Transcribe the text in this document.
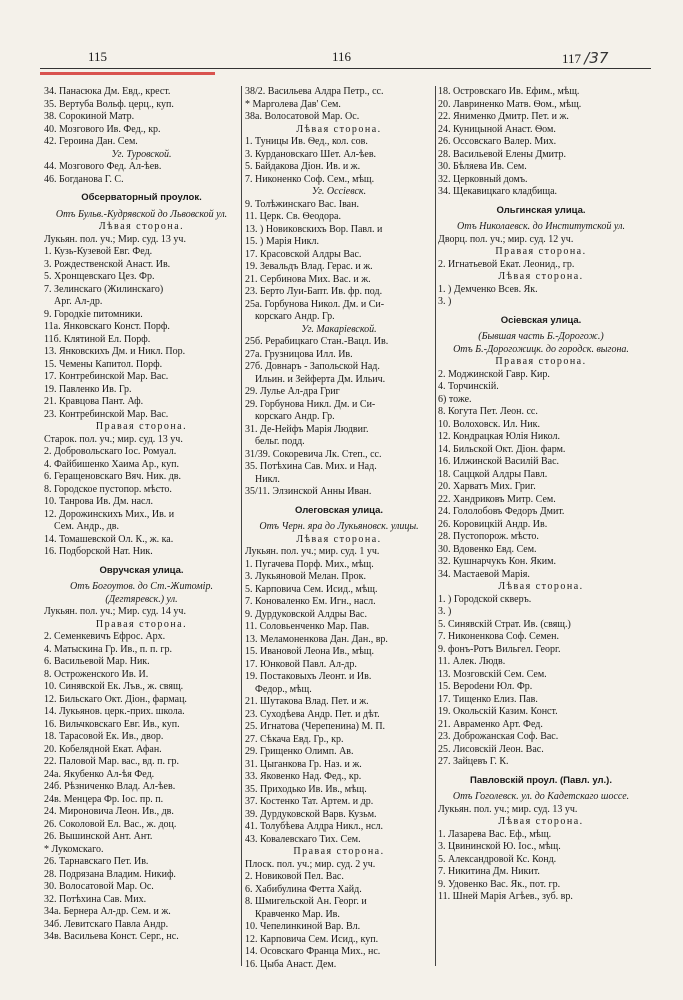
115	116	117 /37
34. Панасюка Дм. Евд., крест.
35. Вертуба Вольф. церц., куп.
38. Сорокиной Матр.
40. Мозгового Ив. Фед., кр.
42. Героина Дан. Сем.
Уг. Туровской.
44. Мозгового Фед. Ал-ѣев.
46. Богданова Г. С.
Обсерваторный проулок.
Отъ Бульв.-Кудрявской до Львовской ул.
Лѣвая сторона.
Лукьян. пол. уч.; Мир. суд. 13 уч.
1. Кузь-Кузевой Евг. Фед.
3. Рождественской Анаст. Ив.
5. Хронщевскаго Цез. Фр.
7. Зелинскаго (Жилинскаго)
Арг. Ал-др.
9. Городкіе питомники.
11а. Янковскаго Конст. Порф.
11б. Клятиной Ел. Порф.
13. Янковскихъ Дм. и Никл. Пор.
15. Чемены Капитол. Порф.
17. Контребинской Мар. Вас.
19. Павленко Ив. Гр.
21. Кравцова Пант. Аф.
23. Контребинской Мар. Вас.
Правая сторона.
Старок. пол. уч.; мир. суд. 13 уч.
2. Добровольскаго Іос. Ромуал.
4. Файбишенко Хаима Ар., куп.
6. Геращеновскаго Вяч. Ник. дв.
8. Городское пустопор. мѣсто.
10. Танрова Ив. Дм. насл.
12. Дорожинскихъ Мих., Ив. и
Сем. Андр., дв.
14. Томашевской Ол. К., ж. ка.
16. Подборской Нат. Ник.
Овручская улица.
Отъ Богоутов. до Ст.-Житомір. (Дегтяревск.) ул.
Лукьян. пол. уч.; Мир. суд. 14 уч.
Правая сторона.
2. Семенкевичъ Ефрос. Арх.
4. Матыскина Гр. Ив., п. п. гр.
6. Васильевой Мар. Ник.
8. Остроженского Ив. И.
10. Синявской Ек. Лъв., ж. свящ.
12. Бильскаго Окт. Діон., фармац.
14. Лукьянов. церк.-прих. школа.
16. Вильчковскаго Евг. Ив., куп.
18. Тарасовой Ек. Ив., двор.
20. Кобелядной Екат. Афан.
22. Паловой Мар. вас., вд. п. гр.
24а. Якубенко Ал-ѣя Фед.
24б. Рѣзниченко Влад. Ал-ѣев.
24в. Менцера Фр. Іос. пр. п.
24. Мироновича Леон. Ив., дв.
26. Соколовой Ел. Вас., ж. доц.
26. Вышинской Ант. Ант.
* Лукомскаго.
26. Тарнавскаго Пет. Ив.
28. Подрязана Владим. Никиф.
30. Волосатовой Мар. Ос.
32. Потѣхина Сав. Мих.
34а. Бернера Ал-др. Сем. и ж.
34б. Левитскаго Павла Андр.
34в. Васильева Конст. Серг., нс.
38/2. Васильева Алдра Петр., сс.
* Марголева Дав' Сем.
38а. Волосатовой Мар. Ос.
Лѣвая сторона.
1. Туницы Ив. Ѳед., кол. сов.
3. Курдановскаго Шет. Ал-ѣев.
5. Байдакова Діон. Ив. и ж.
7. Никоненко Соф. Сем., мѣщ.
Уг. Оссіевск.
9. Толѣжинскаго Вас. Іван.
11. Церк. Св. Ѳеодора.
13. ) Новиковскихъ Вор. Павл. и
15. ) Марія Никл.
17. Красовской Алдры Вас.
19. Зевальдъ Влад. Герас. и ж.
21. Сербинова Мих. Вас. и ж.
23. Берто Луи-Бапт. Ив. фр. под.
25а. Горбунова Никол. Дм. и Си-
корскаго Андр. Гр.
Уг. Макаріевской.
25б. Рерабицкаго Стан.-Вацл. Ив.
27а. Грузницова Илл. Ив.
27б. Довнаръ - Запольской Над.
Ильин. и Зейферта Дм. Ильич.
29. Лулье Ал-дра Григ
29. Горбунова Никл. Дм. и Си-
корскаго Андр. Гр.
31. Де-Нейфъ Марія Людвиг.
бельг. подд.
31/39. Сокоревича Лк. Степ., сс.
35. Потѣхина Сав. Мих. и Над.
Никл.
35/11. Элзинской Анны Иван.
Олеговская улица.
Отъ Черн. яра до Лукьяновск. улицы.
Лѣвая сторона.
Лукьян. пол. уч.; мир. суд. 1 уч.
1. Пугачева Порф. Мих., мѣщ.
3. Лукьяновой Мелан. Прок.
5. Карповича Сем. Исид., мѣщ.
7. Коноваленко Ем. Игн., насл.
9. Дурдуковской Алдры Вас.
11. Соловьенченко Мар. Пав.
13. Меламоненкова Дан. Дан., вр.
15. Ивановой Леона Ив., мѣщ.
17. Юнковой Павл. Ал-др.
19. Постаковыхъ Леонт. и Ив.
Федор., мѣщ.
21. Шутакова Влад. Пет. и ж.
23. Суходѣева Андр. Пет. и дѣт.
25. Игнатова (Черепенина) М. П.
27. Сѣкача Евд. Гр., кр.
29. Грищенко Олимп. Ав.
31. Цыганкова Гр. Наз. и ж.
33. Яковенко Над. Фед., кр.
35. Приходько Ив. Ив., мѣщ.
37. Костенко Тат. Артем. и др.
39. Дурдуковской Варв. Кузьм.
41. Толубѣева Алдра Никл., нсл.
43. Ковалевскаго Тих. Сем.
Правая сторона.
Плоск. пол. уч.; мир. суд. 2 уч.
2. Новиковой Пел. Вас.
6. Хабибулина Фетта Хайд.
8. Шмигельской Ан. Георг. и
Кравченко Мар. Ив.
10. Чепелинкиной Вар. Вл.
12. Карповича Сем. Исид., куп.
14. Осовскаго Франца Мих., нс.
16. Цыба Анаст. Дем.
18. Островскаго Ив. Ефим., мѣщ.
20. Лавриненко Матв. Ѳом., мѣщ.
22. Янименко Дмитр. Пет. и ж.
24. Куницыной Анаст. Ѳом.
26. Оссовскаго Валер. Мих.
28. Васильевой Елены Дмитр.
30. Бѣляева Ив. Сем.
32. Церковный домъ.
34. Щекавицкаго кладбища.
Ольгинская улица.
Отъ Николаевск. до Институтской ул.
Дворц. пол. уч.; мир. суд. 12 уч.
Правая сторона.
2. Игнатьевой Екат. Леонид., гр.
Лѣвая сторона.
1. ) Демченко Всев. Як.
3. )
Осіевская улица.
(Бывшая часть Б.-Дорогож.)
Отъ Б.-Дорогожицк. до городск. выгона.
Правая сторона.
2. Моджинской Гавр. Кир.
4. Торчинскій.
6) тоже.
8. Когута Пет. Леон. сс.
10. Волоховск. Ил. Ник.
12. Кондрацкая Юлія Никол.
14. Бильской Окт. Діон. фарм.
16. Илжинской Василій Вас.
18. Саццкой Алдры Павл.
20. Харватъ Мих. Григ.
22. Хандриковъ Митр. Сем.
24. Гололобовъ Федоръ Дмит.
26. Коровицкій Андр. Ив.
28. Пустопорож. мѣсто.
30. Вдовенко Евд. Сем.
32. Кушнарчукъ Кон. Яким.
34. Мастаевой Марія.
Лѣвая сторона.
1. ) Городской скверъ.
3. )
5. Синявскій Страт. Ив. (свящ.)
7. Никоненкова Соф. Семен.
9. фонъ-Ротъ Вильгел. Георг.
11. Алек. Людв.
13. Мозговскій Сем. Сем.
15. Верodени Юл. Фр.
17. Тищенко Елиз. Пав.
19. Окольскій Казим. Конст.
21. Авраменко Арт. Фед.
23. Доброжанская Соф. Вас.
25. Лисовскій Леон. Вас.
27. Зайцевъ Г. К.
Павловскій проул. (Павл. ул.).
Отъ Гоголевск. ул. до Кадетскаго шоссе.
Лукьян. пол. уч.; мир. суд. 13 уч.
Лѣвая сторона.
1. Лазарева Вас. Еф., мѣщ.
3. Цвининской Ю. Іос., мѣщ.
5. Александровой Кс. Конд.
7. Никитина Дм. Никит.
9. Удовенко Вас. Як., пот. гр.
11. Шней Марія Агѣев., зуб. вр.
